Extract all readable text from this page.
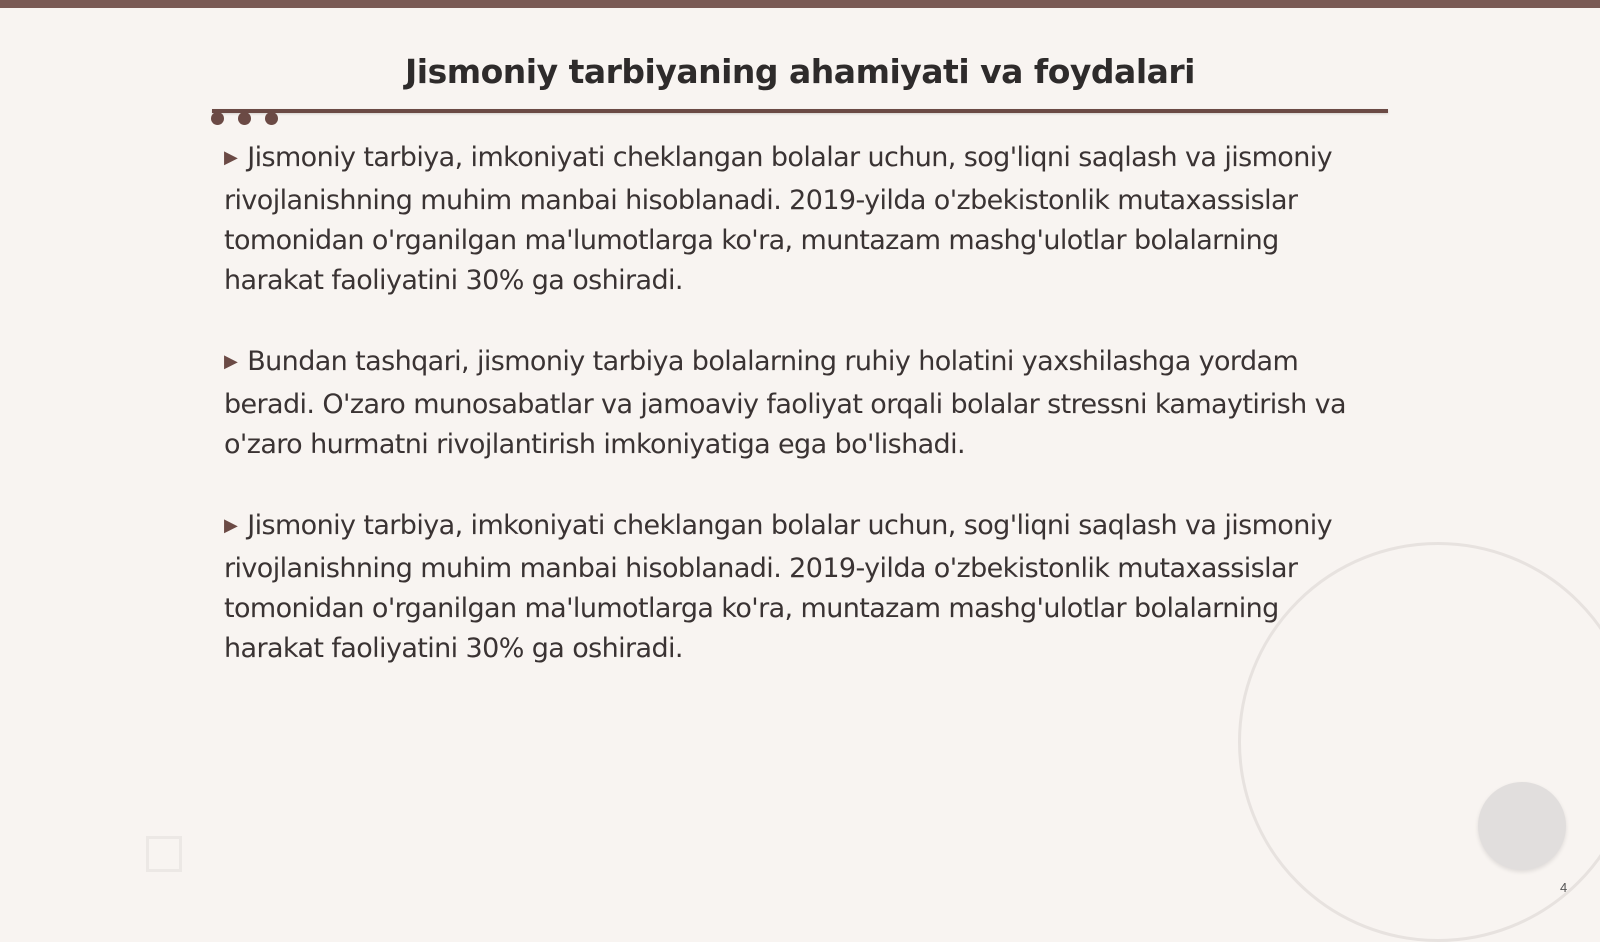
Jismoniy tarbiyaning ahamiyati va foydalari

▶ Jismoniy tarbiya, imkoniyati cheklangan bolalar uchun, sog'liqni saqlash va jismoniy rivojlanishning muhim manbai hisoblanadi. 2019-yilda o'zbekistonlik mutaxassislar tomonidan o'rganilgan ma'lumotlarga ko'ra, muntazam mashg'ulotlar bolalarning harakat faoliyatini 30% ga oshiradi.

▶ Bundan tashqari, jismoniy tarbiya bolalarning ruhiy holatini yaxshilashga yordam beradi. O'zaro munosabatlar va jamoaviy faoliyat orqali bolalar stressni kamaytirish va o'zaro hurmatni rivojlantirish imkoniyatiga ega bo'lishadi.

▶ Jismoniy tarbiya, imkoniyati cheklangan bolalar uchun, sog'liqni saqlash va jismoniy rivojlanishning muhim manbai hisoblanadi. 2019-yilda o'zbekistonlik mutaxassislar tomonidan o'rganilgan ma'lumotlarga ko'ra, muntazam mashg'ulotlar bolalarning harakat faoliyatini 30% ga oshiradi.

4
